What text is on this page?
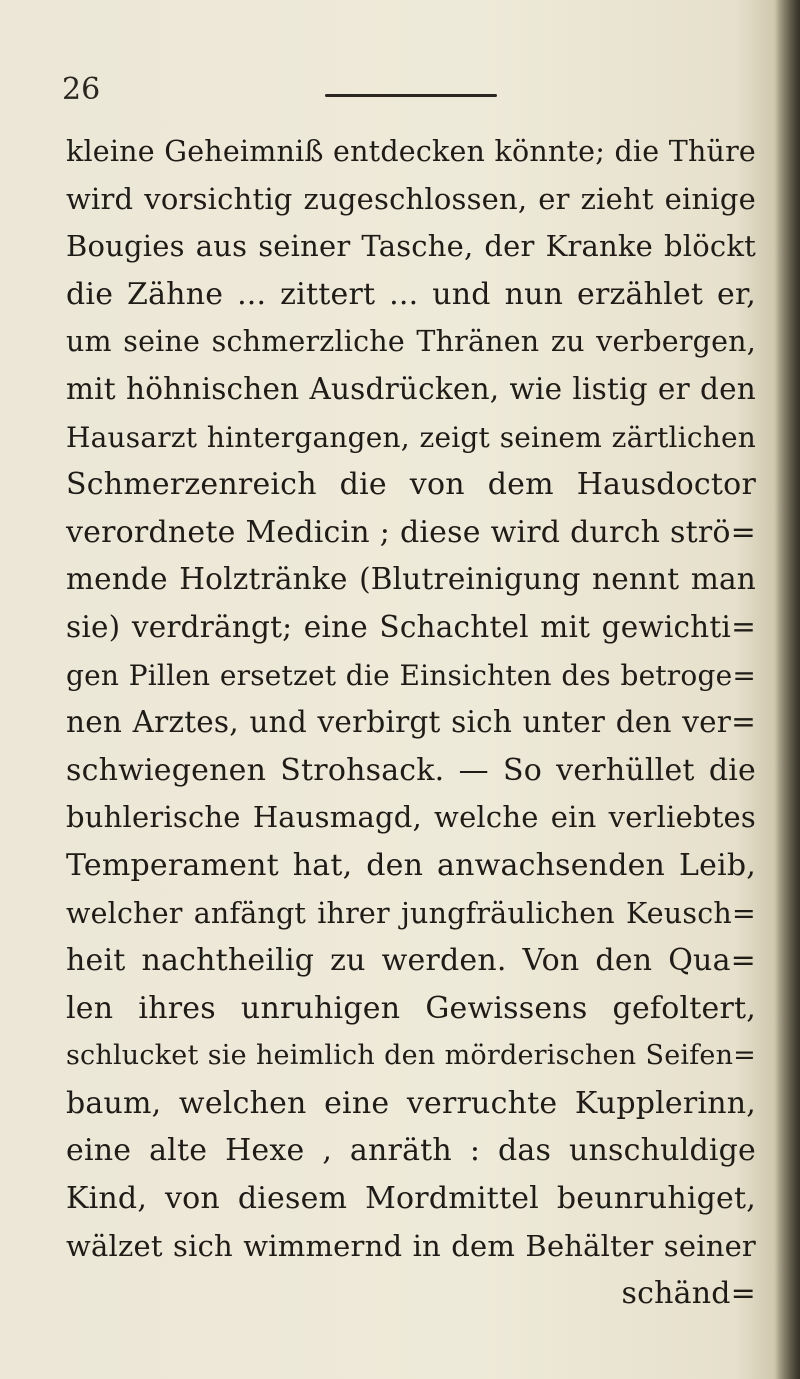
26
kleine Geheimniß entdecken könnte; die Thüre
wird vorsichtig zugeschlossen, er zieht einige
Bougies aus seiner Tasche, der Kranke blöckt
die Zähne ... zittert ... und nun erzählet er,
um seine schmerzliche Thränen zu verbergen,
mit höhnischen Ausdrücken, wie listig er den
Hausarzt hintergangen, zeigt seinem zärtlichen
Schmerzenreich die von dem Hausdoctor
verordnete Medicin ; diese wird durch strö=
mende Holztränke (Blutreinigung nennt man
sie) verdrängt; eine Schachtel mit gewichti=
gen Pillen ersetzet die Einsichten des betroge=
nen Arztes, und verbirgt sich unter den ver=
schwiegenen Strohsack. — So verhüllet die
buhlerische Hausmagd, welche ein verliebtes
Temperament hat, den anwachsenden Leib,
welcher anfängt ihrer jungfräulichen Keusch=
heit nachtheilig zu werden. Von den Qua=
len ihres unruhigen Gewissens gefoltert,
schlucket sie heimlich den mörderischen Seifen=
baum, welchen eine verruchte Kupplerinn,
eine alte Hexe , anräth : das unschuldige
Kind, von diesem Mordmittel beunruhiget,
wälzet sich wimmernd in dem Behälter seiner
schänd=
